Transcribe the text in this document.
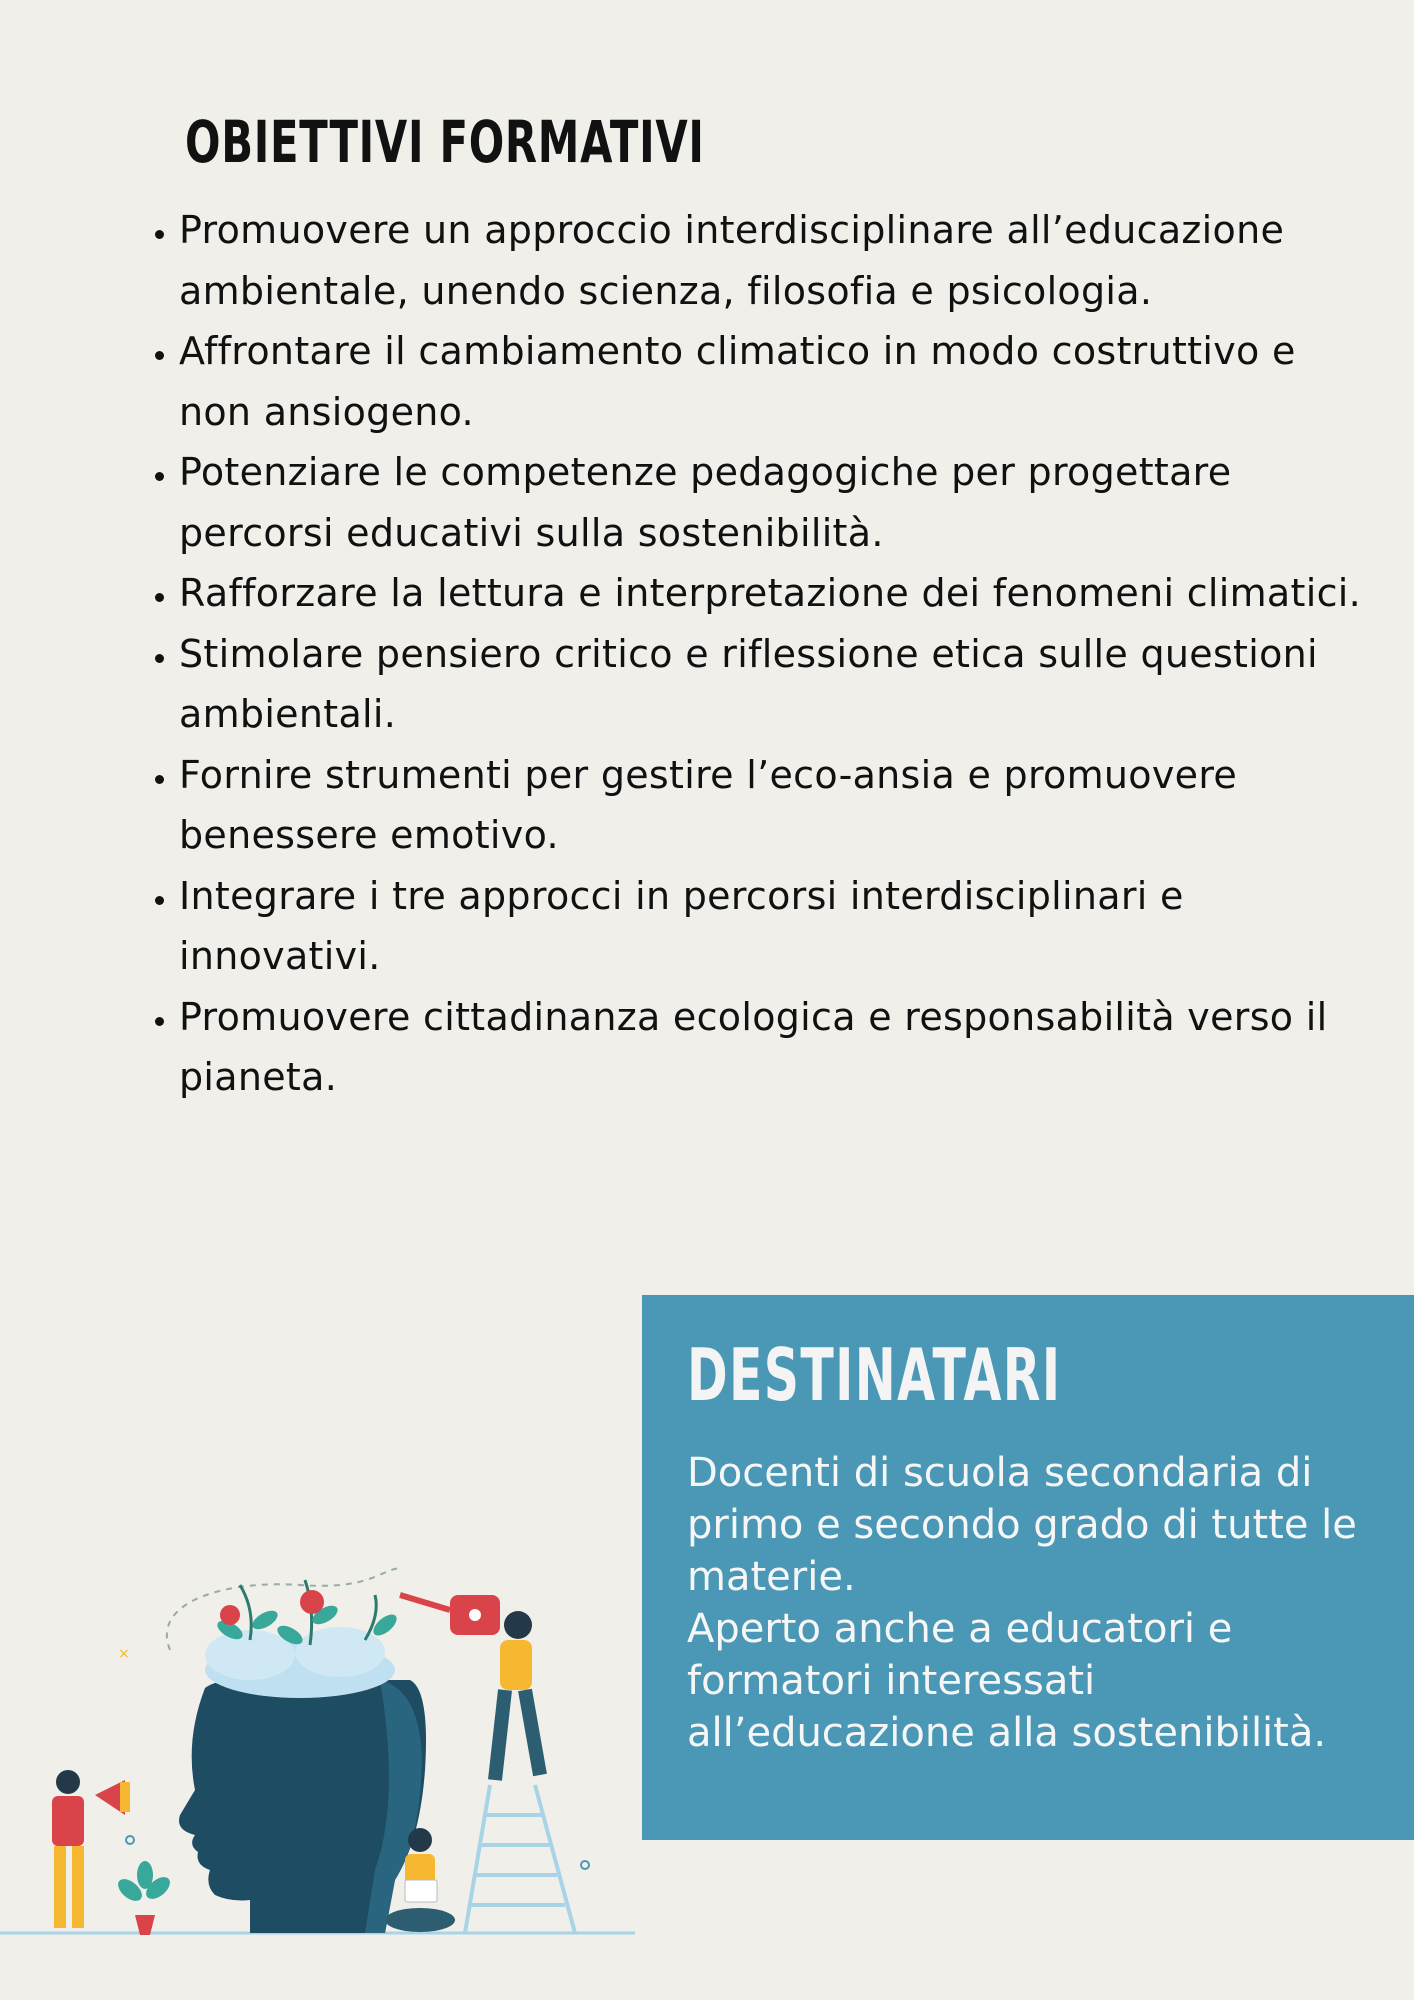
OBIETTIVI FORMATIVI
• Promuovere un approccio interdisciplinare all’educazione ambientale, unendo scienza, filosofia e psicologia.
• Affrontare il cambiamento climatico in modo costruttivo e non ansiogeno.
• Potenziare le competenze pedagogiche per progettare percorsi educativi sulla sostenibilità.
• Rafforzare la lettura e interpretazione dei fenomeni climatici.
• Stimolare pensiero critico e riflessione etica sulle questioni ambientali.
• Fornire strumenti per gestire l’eco-ansia e promuovere benessere emotivo.
• Integrare i tre approcci in percorsi interdisciplinari e innovativi.
• Promuovere cittadinanza ecologica e responsabilità verso il pianeta.
DESTINATARI

Docenti di scuola secondaria di primo e secondo grado di tutte le materie.
Aperto anche a educatori e formatori interessati all’educazione alla sostenibilità.

×
